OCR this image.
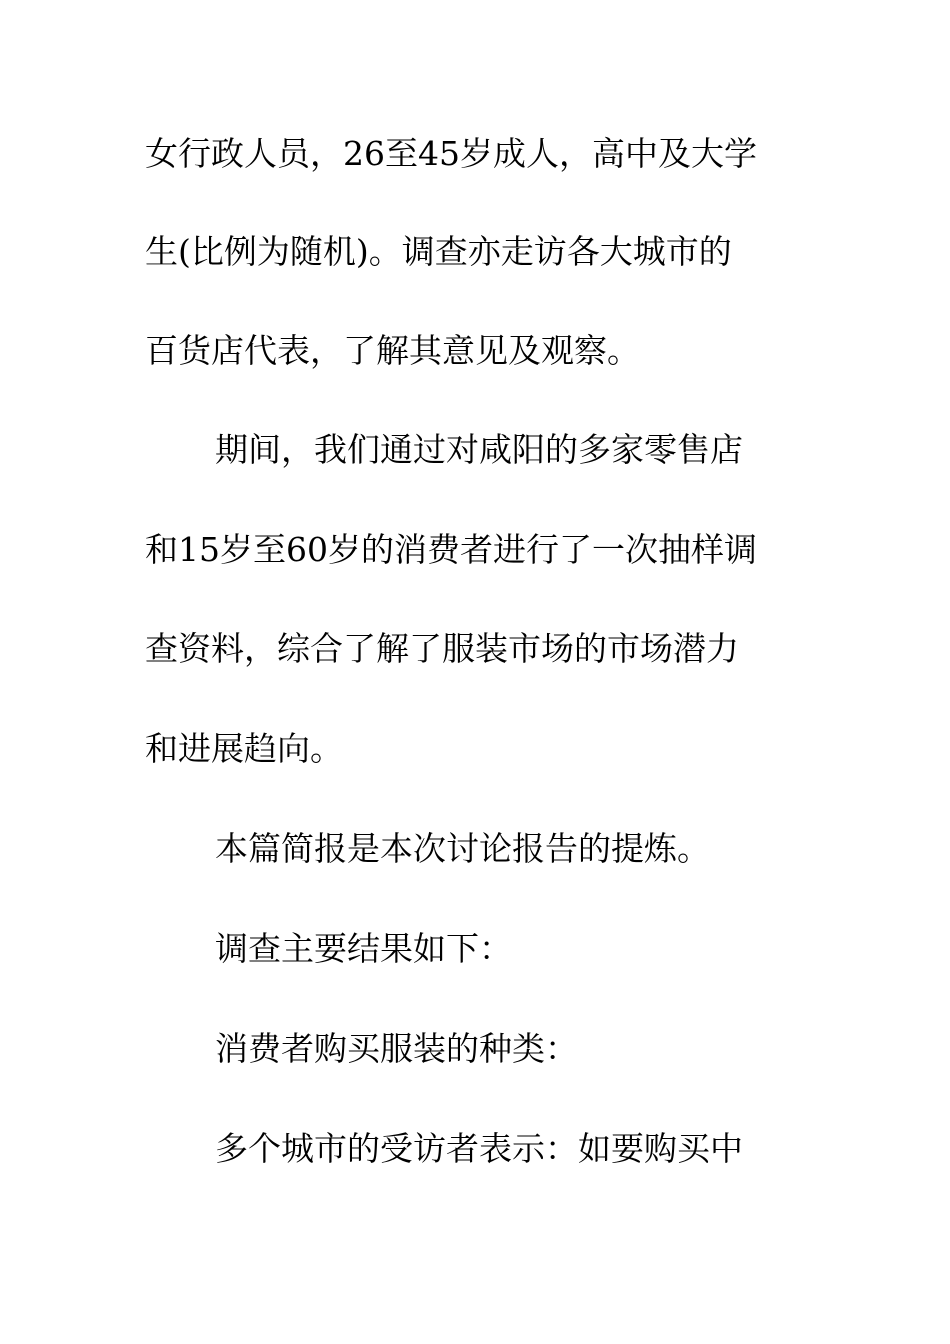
女行政人员，26至45岁成人，高中及大学
生(比例为随机)。调查亦走访各大城市的
百货店代表，了解其意见及观察。
期间，我们通过对咸阳的多家零售店
和15岁至60岁的消费者进行了一次抽样调
查资料，综合了解了服装市场的市场潜力
和进展趋向。
本篇简报是本次讨论报告的提炼。
调查主要结果如下：
消费者购买服装的种类：
多个城市的受访者表示：如要购买中
